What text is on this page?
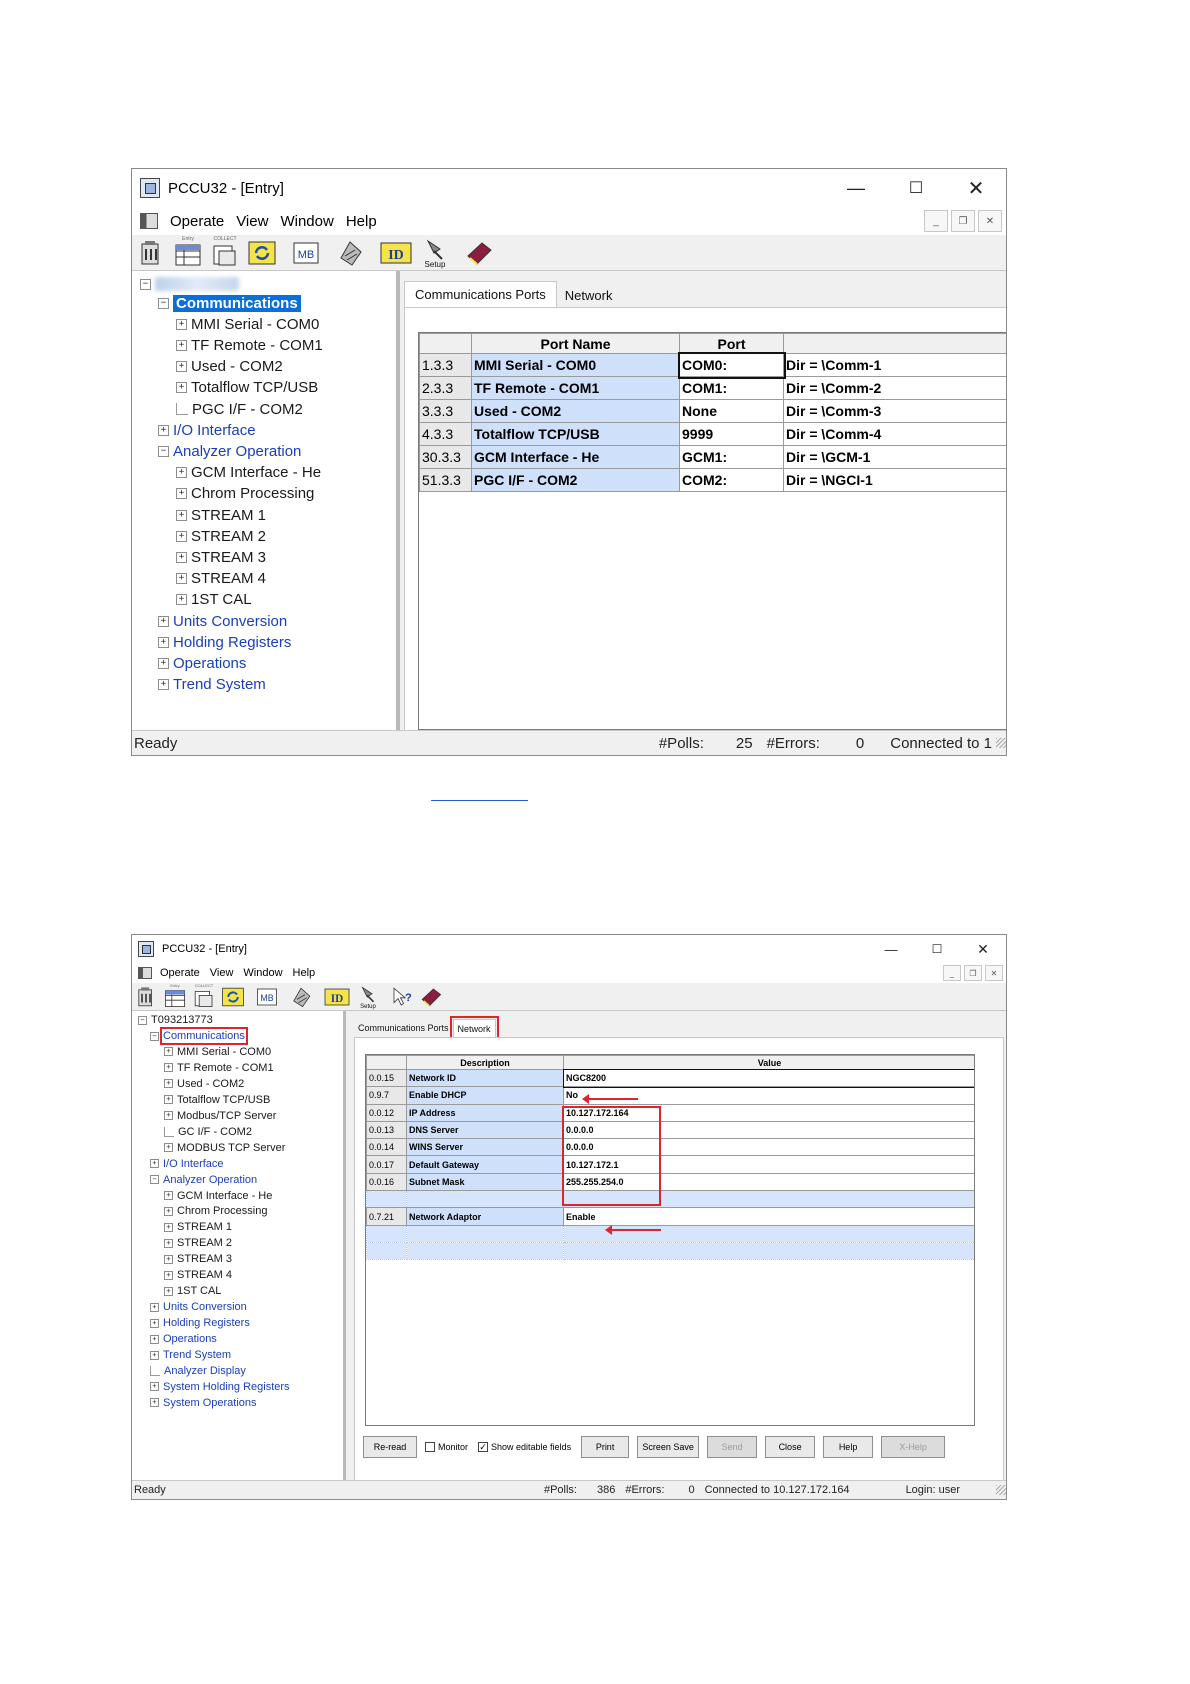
PCCU32 - [Entry]	—	☐	✕
Operate View Window Help	_	❐	✕
Entry	COLLECT
MB	ID
Setup
−
− Communications
+ MMI Serial - COM0
+ TF Remote - COM1
+ Used - COM2
+ Totalflow TCP/USB
PGC I/F - COM2
+ I/O Interface
− Analyzer Operation
+ GCM Interface - He
+ Chrom Processing
+ STREAM 1
+ STREAM 2
+ STREAM 3
+ STREAM 4
+ 1ST CAL
+ Units Conversion
+ Holding Registers
+ Operations
+ Trend System
Communications Ports	Network
	Port Name	Port	
1.3.3	MMI Serial - COM0	COM0:	Dir = \Comm-1
2.3.3	TF Remote - COM1	COM1:	Dir = \Comm-2
3.3.3	Used - COM2	None	Dir = \Comm-3
4.3.3	Totalflow TCP/USB	9999	Dir = \Comm-4
30.3.3	GCM Interface - He	GCM1:	Dir = \GCM-1
51.3.3	PGC I/F - COM2	COM2:	Dir = \NGCI-1
Ready	#Polls: 25 #Errors: 0 Connected to 1
PCCU32 - [Entry]	—	☐	✕
Operate View Window Help	_	❐	✕
Entry	COLLECT
MB	ID
Setup
?
− T093213773
− Communications
+ MMI Serial - COM0
+ TF Remote - COM1
+ Used - COM2
+ Totalflow TCP/USB
+ Modbus/TCP Server
GC I/F - COM2
+ MODBUS TCP Server
+ I/O Interface
− Analyzer Operation
+ GCM Interface - He
+ Chrom Processing
+ STREAM 1
+ STREAM 2
+ STREAM 3
+ STREAM 4
+ 1ST CAL
+ Units Conversion
+ Holding Registers
+ Operations
+ Trend System
Analyzer Display
+ System Holding Registers
+ System Operations
Communications Ports	Network
	Description	Value
0.0.15	Network ID	NGC8200
0.9.7	Enable DHCP	No
0.0.12	IP Address	10.127.172.164
0.0.13	DNS Server	0.0.0.0
0.0.14	WINS Server	0.0.0.0
0.0.17	Default Gateway	10.127.172.1
0.0.16	Subnet Mask	255.255.254.0

0.7.21	Network Adaptor	Enable

Re-read	Monitor ✓ Show editable fields	Print	Screen Save	Send	Close	Help	X-Help
Ready	#Polls: 386 #Errors: 0 Connected to 10.127.172.164	Login: user
